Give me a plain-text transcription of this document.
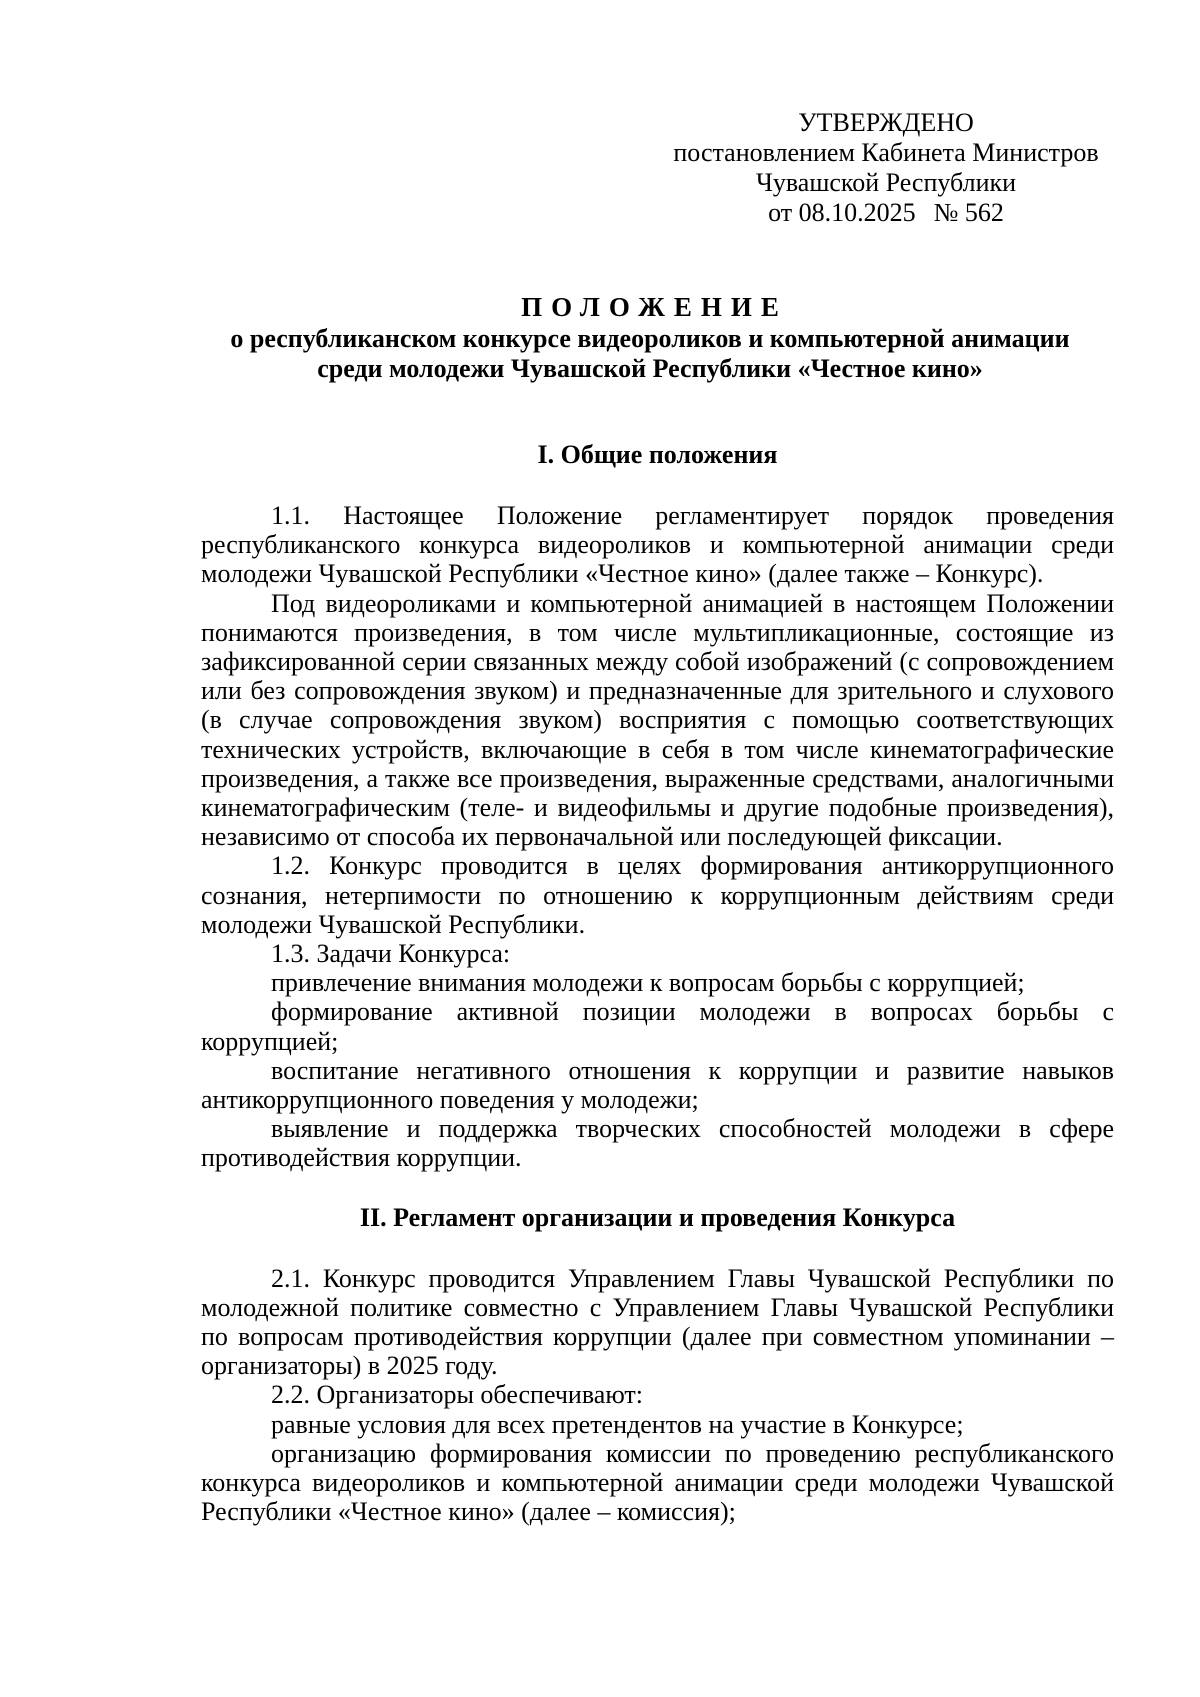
УТВЕРЖДЕНО
постановлением Кабинета Министров
Чувашской Республики
от 08.10.2025 № 562
ПОЛОЖЕНИЕ
о республиканском конкурсе видеороликов и компьютерной анимации
среди молодежи Чувашской Республики «Честное кино»
I. Общие положения

1.1. Настоящее Положение регламентирует порядок проведения республиканского конкурса видеороликов и компьютерной анимации среди молодежи Чувашской Республики «Честное кино» (далее также – Конкурс).

Под видеороликами и компьютерной анимацией в настоящем Положении понимаются произведения, в том числе мультипликационные, состоящие из зафиксированной серии связанных между собой изображений (с сопровождением или без сопровождения звуком) и предназначенные для зрительного и слухового (в случае сопровождения звуком) восприятия с помощью соответствующих технических устройств, включающие в себя в том числе кинематографические произведения, а также все произведения, выраженные средствами, аналогичными кинематографическим (теле- и видеофильмы и другие подобные произведения), независимо от способа их первоначальной или последующей фиксации.

1.2. Конкурс проводится в целях формирования антикоррупционного сознания, нетерпимости по отношению к коррупционным действиям среди молодежи Чувашской Республики.

1.3. Задачи Конкурса:

привлечение внимания молодежи к вопросам борьбы с коррупцией;

формирование активной позиции молодежи в вопросах борьбы с коррупцией;

воспитание негативного отношения к коррупции и развитие навыков антикоррупционного поведения у молодежи;

выявление и поддержка творческих способностей молодежи в сфере противодействия коррупции.

II. Регламент организации и проведения Конкурса

2.1. Конкурс проводится Управлением Главы Чувашской Республики по молодежной политике совместно с Управлением Главы Чувашской Республики по вопросам противодействия коррупции (далее при совместном упоминании – организаторы) в 2025 году.

2.2. Организаторы обеспечивают:

равные условия для всех претендентов на участие в Конкурсе;

организацию формирования комиссии по проведению республиканского конкурса видеороликов и компьютерной анимации среди молодежи Чувашской Республики «Честное кино» (далее – комиссия);
